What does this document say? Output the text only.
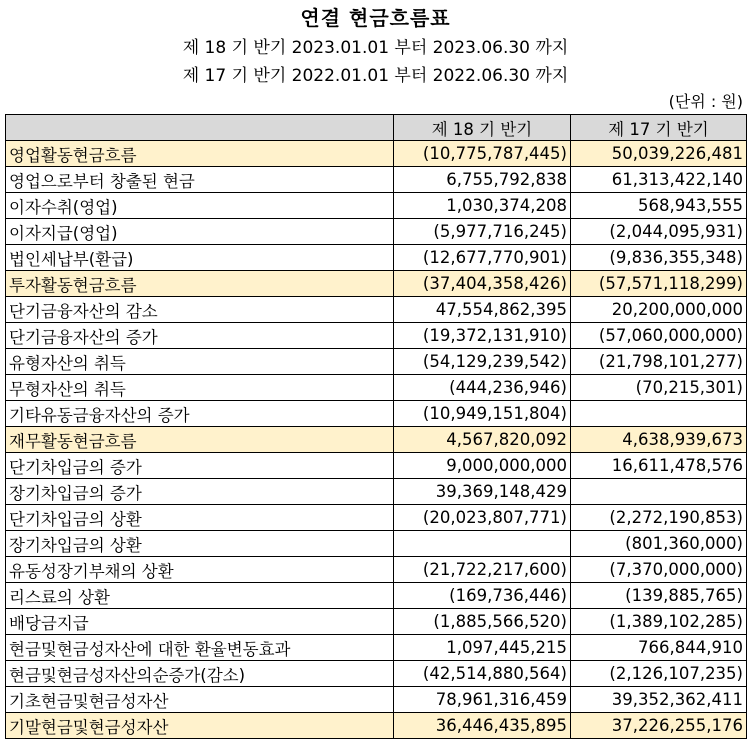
연결 현금흐름표
제 18 기 반기 2023.01.01 부터 2023.06.30 까지
제 17 기 반기 2022.01.01 부터 2022.06.30 까지
(단위 : 원)
	제 18 기 반기	제 17 기 반기
영업활동현금흐름	(10,775,787,445)	50,039,226,481
영업으로부터 창출된 현금	6,755,792,838	61,313,422,140
이자수취(영업)	1,030,374,208	568,943,555
이자지급(영업)	(5,977,716,245)	(2,044,095,931)
법인세납부(환급)	(12,677,770,901)	(9,836,355,348)
투자활동현금흐름	(37,404,358,426)	(57,571,118,299)
단기금융자산의 감소	47,554,862,395	20,200,000,000
단기금융자산의 증가	(19,372,131,910)	(57,060,000,000)
유형자산의 취득	(54,129,239,542)	(21,798,101,277)
무형자산의 취득	(444,236,946)	(70,215,301)
기타유동금융자산의 증가	(10,949,151,804)	
재무활동현금흐름	4,567,820,092	4,638,939,673
단기차입금의 증가	9,000,000,000	16,611,478,576
장기차입금의 증가	39,369,148,429	
단기차입금의 상환	(20,023,807,771)	(2,272,190,853)
장기차입금의 상환		(801,360,000)
유동성장기부채의 상환	(21,722,217,600)	(7,370,000,000)
리스료의 상환	(169,736,446)	(139,885,765)
배당금지급	(1,885,566,520)	(1,389,102,285)
현금및현금성자산에 대한 환율변동효과	1,097,445,215	766,844,910
현금및현금성자산의순증가(감소)	(42,514,880,564)	(2,126,107,235)
기초현금및현금성자산	78,961,316,459	39,352,362,411
기말현금및현금성자산	36,446,435,895	37,226,255,176
